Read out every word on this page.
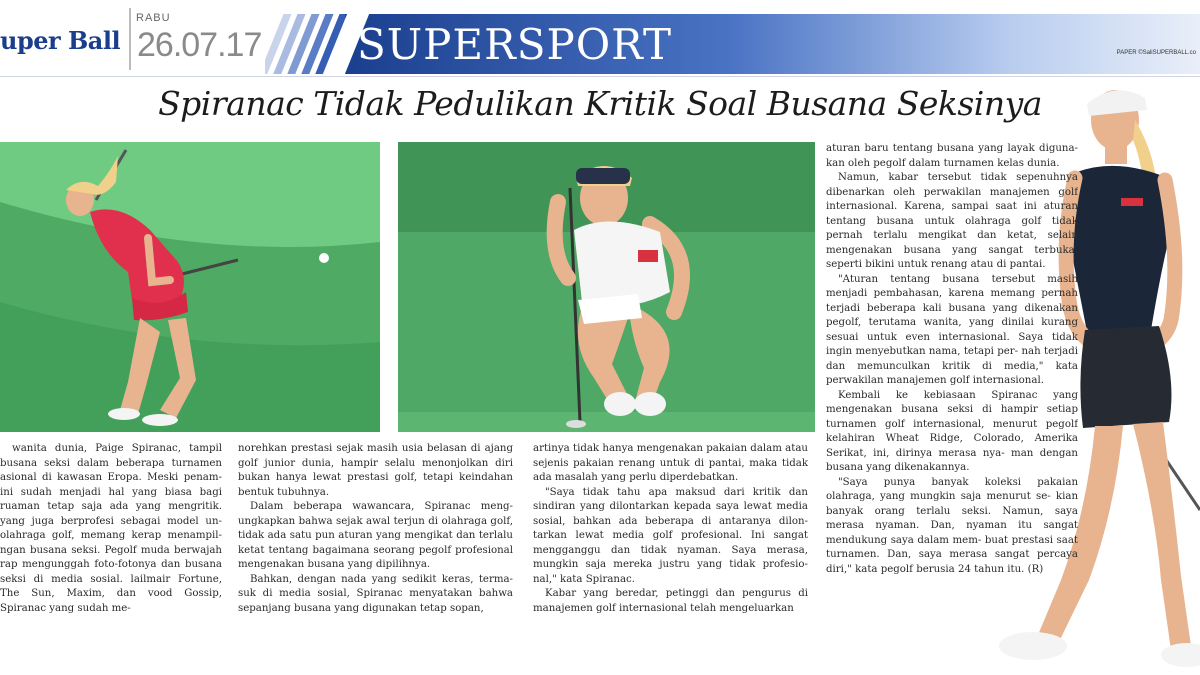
uper Ball
RABU
26.07.17 SUPERSPORT	PAPER ©SaliSUPERBALL.co
Spiranac Tidak Pedulikan Kritik Soal Busana Seksinya

wanita dunia, Paige Spiranac, tampil busana seksi dalam beberapa turnamen asional di kawasan Eropa. Meski penam- ini sudah menjadi hal yang biasa bagi ruaman tetap saja ada yang mengritik. yang juga berprofesi sebagai model un- olahraga golf, memang kerap menampil- ngan busana seksi. Pegolf muda berwajah rap mengunggah foto-fotonya dan busana seksi di media sosial. lailmair Fortune, The Sun, Maxim, dan vood Gossip, Spiranac yang sudah me-

norehkan prestasi sejak masih usia belasan di ajang golf junior dunia, hampir selalu menonjolkan diri bukan hanya lewat prestasi golf, tetapi keindahan bentuk tubuhnya.

Dalam beberapa wawancara, Spiranac meng- ungkapkan bahwa sejak awal terjun di olahraga golf, tidak ada satu pun aturan yang mengikat dan terlalu ketat tentang bagaimana seorang pegolf profesional mengenakan busana yang dipilihnya.

Bahkan, dengan nada yang sedikit keras, terma- suk di media sosial, Spiranac menyatakan bahwa sepanjang busana yang digunakan tetap sopan,

artinya tidak hanya mengenakan pakaian dalam atau sejenis pakaian renang untuk di pantai, maka tidak ada masalah yang perlu diperdebatkan.

"Saya tidak tahu apa maksud dari kritik dan sindiran yang dilontarkan kepada saya lewat media sosial, bahkan ada beberapa di antaranya dilon- tarkan lewat media golf profesional. Ini sangat mengganggu dan tidak nyaman. Saya merasa, mungkin saja mereka justru yang tidak profesio- nal," kata Spiranac.

Kabar yang beredar, petinggi dan pengurus di manajemen golf internasional telah mengeluarkan

aturan baru tentang busana yang layak diguna- kan oleh pegolf dalam turnamen kelas dunia.

Namun, kabar tersebut tidak sepenuhnya dibenarkan oleh perwakilan manajemen golf internasional. Karena, sampai saat ini aturan tentang busana untuk olahraga golf tidak pernah terlalu mengikat dan ketat, selain mengenakan busana yang sangat terbuka, seperti bikini untuk renang atau di pantai.

"Aturan tentang busana tersebut masih menjadi pembahasan, karena memang pernah terjadi beberapa kali busana yang dikenakan pegolf, terutama wanita, yang dinilai kurang sesuai untuk even internasional. Saya tidak ingin menyebutkan nama, tetapi per- nah terjadi dan memunculkan kritik di media," kata perwakilan manajemen golf internasional.

Kembali ke kebiasaan Spiranac yang mengenakan busana seksi di hampir setiap turnamen golf internasional, menurut pegolf kelahiran Wheat Ridge, Colorado, Amerika Serikat, ini, dirinya merasa nya- man dengan busana yang dikenakannya.

"Saya punya banyak koleksi pakaian olahraga, yang mungkin saja menurut se- kian banyak orang terlalu seksi. Namun, saya merasa nyaman. Dan, nyaman itu sangat mendukung saya dalam mem- buat prestasi saat turnamen. Dan, saya merasa sangat percaya diri," kata pegolf berusia 24 tahun itu. (R)
